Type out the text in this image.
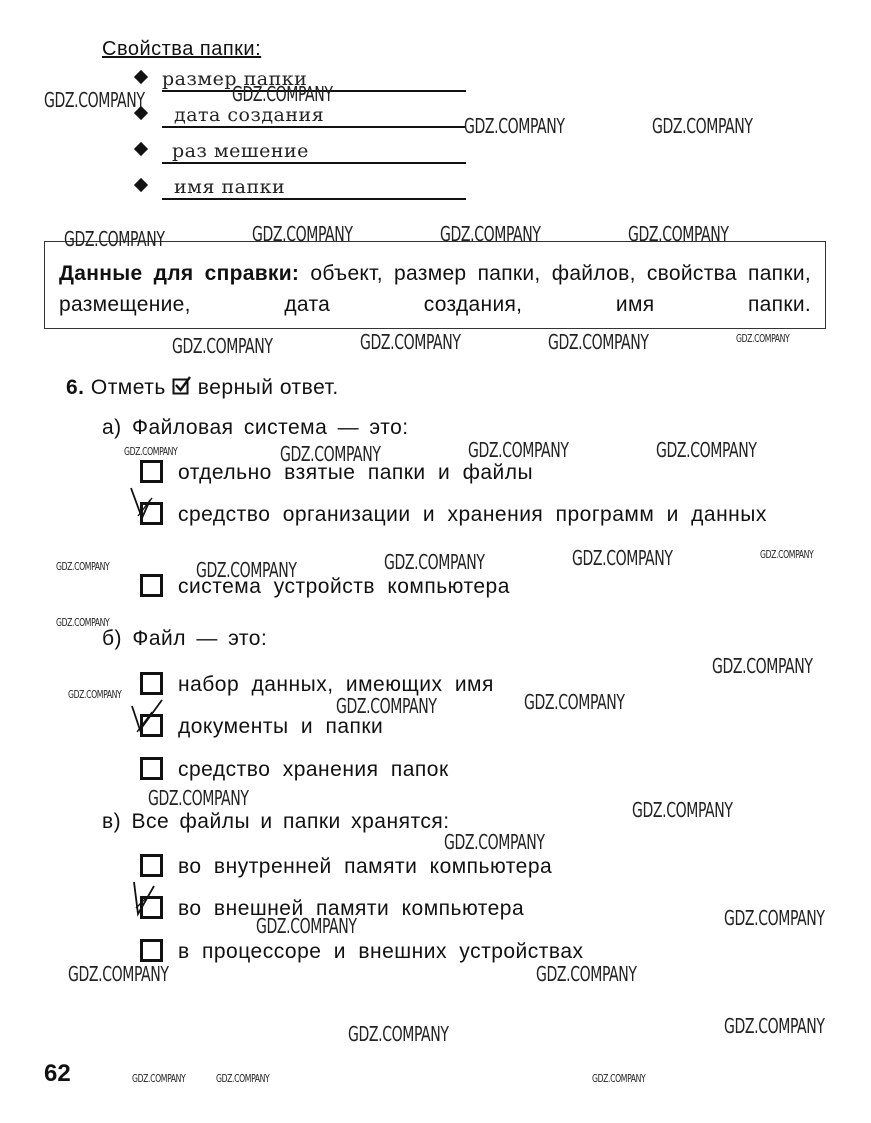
Свойства папки:
размер папки
дата создания
раз мешение
имя папки
Данные для справки: объект, размер папки, файлов, свойства папки, размещение, дата создания, имя папки.
6. Отметь верный ответ.
а) Файловая система — это:
отдельно взятые папки и файлы
средство организации и хранения программ и данных
система устройств компьютера
б) Файл — это:
набор данных, имеющих имя
документы и папки
средство хранения папок
в) Все файлы и папки хранятся:
во внутренней памяти компьютера
во внешней памяти компьютера
в процессоре и внешних устройствах
62
GDZ.COMPANY	GDZ.COMPANY
GDZ.COMPANY	GDZ.COMPANY
GDZ.COMPANY	GDZ.COMPANY	GDZ.COMPANY	GDZ.COMPANY
GDZ.COMPANY	GDZ.COMPANY	GDZ.COMPANY	GDZ.COMPANY
GDZ.COMPANY	GDZ.COMPANY	GDZ.COMPANY	GDZ.COMPANY
GDZ.COMPANY	GDZ.COMPANY	GDZ.COMPANY	GDZ.COMPANY	GDZ.COMPANY
GDZ.COMPANY
GDZ.COMPANY
GDZ.COMPANY	GDZ.COMPANY	GDZ.COMPANY
GDZ.COMPANY	GDZ.COMPANY
GDZ.COMPANY
GDZ.COMPANY
GDZ.COMPANY
GDZ.COMPANY	GDZ.COMPANY
GDZ.COMPANY
GDZ.COMPANY
GDZ.COMPANY	GDZ.COMPANY	GDZ.COMPANY
